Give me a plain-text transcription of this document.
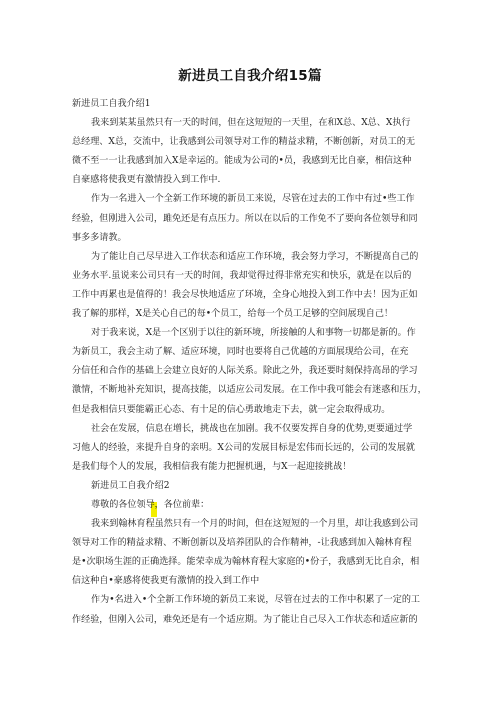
新进员工自我介绍15篇
新进员工自我介绍1
我来到某某虽然只有一天的时间，但在这短短的一天里，在和X总、X总、X执行
总经理、X总，交流中，让我感到公司领导对工作的精益求精，不断创新，对员工的无
微不至一一让我感到加入X是幸运的。能成为公司的•员，我感到无比自豪，相信这种
自豪感将使我更有激情投入到工作中.
作为一名进入一个全新工作环境的新员工来说，尽管在过去的工作中有过•些工作
经验，但刚进入公司，雎免还是有点压力。所以在以后的工作免不了要向各位领导和同
事多多请教。
为了能让自己尽早进入工作状态和适应工作环境，我会努力学习，不断提高自己的
业务水平.虽说来公司只有一天的时间，我却觉得过得非常充实和快乐，就是在以后的
工作中再累也是值得的！我会尽快地适应了环境，全身心地投入到工作中去！因为正如
我了解的那样，X是关心自己的每•个员工，给每一个员工足够的空间展现自己！
对于我来说，X是一个区别于以往的新环境，所接触的人和事物一切都是新的。作
为新员工，我会主动了解、适应环境，同时也要将自己优越的方面展现给公司，在充
分信任和合作的基础上会建立良好的人际关系。除此之外，我还要时刻保持高昂的学习
激情，不断地补充知识，提高技能，以适应公司发展。在工作中我可能会有迷惑和压力，
但是我相信只要能霸正心态、有十足的信心勇敢地走下去，就一定会取得成功。
社会在发展，信息在增长，挑战也在加剧。我不仅要发挥自身的优势,更要通过学
习他人的经验，来提升自身的亲明。X公司的发展目标是宏伟而长远的，公司的发展就
是我们每个人的发展，我相信我有能力把握机遇，与X一起迎接挑战！
新进员工自我介绍2
尊敬的各位领导，各位前辈：
我来到翰林育程虽然只有一个月的时间，但在这短短的一个月里，却让我感到公司
领导对工作的精益求精、不断创新以及培养团队的合作精神，-让我感到加入翰林育程
是•次职场生涯的正确选择。能荣幸成为翰林育程大家庭的•份子，我感到无比自余，相
信这种自•豪感将使我更有激情的投入到工作中
作为•名进入•个全新工作环境的新员工来说，尽管在过去的工作中积累了一定的工
作经验，但刚入公司，难免还是有一个适应期。为了能让自己尽入工作状态和适应新的
